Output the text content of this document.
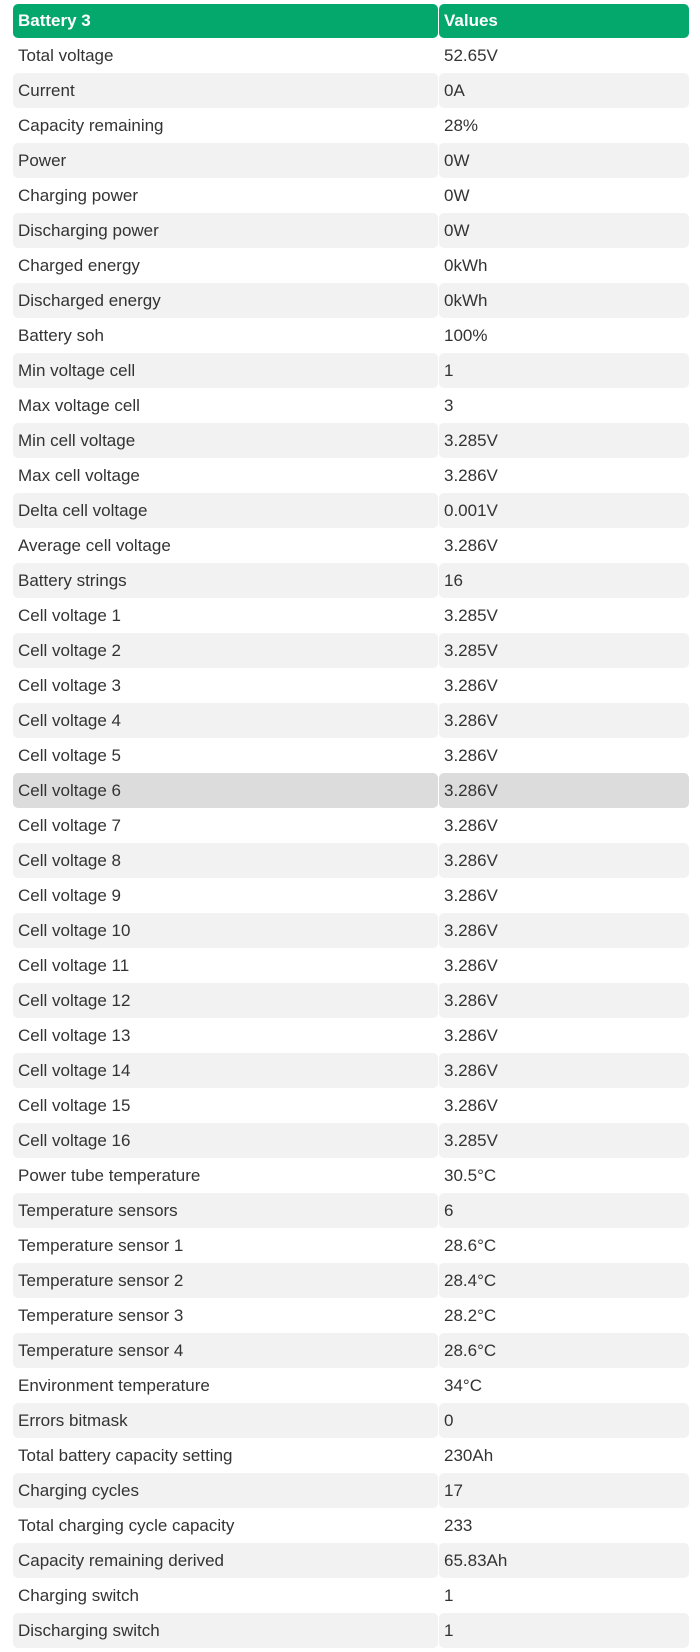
Battery 3	Values
Total voltage	52.65V
Current	0A
Capacity remaining	28%
Power	0W
Charging power	0W
Discharging power	0W
Charged energy	0kWh
Discharged energy	0kWh
Battery soh	100%
Min voltage cell	1
Max voltage cell	3
Min cell voltage	3.285V
Max cell voltage	3.286V
Delta cell voltage	0.001V
Average cell voltage	3.286V
Battery strings	16
Cell voltage 1	3.285V
Cell voltage 2	3.285V
Cell voltage 3	3.286V
Cell voltage 4	3.286V
Cell voltage 5	3.286V
Cell voltage 6	3.286V
Cell voltage 7	3.286V
Cell voltage 8	3.286V
Cell voltage 9	3.286V
Cell voltage 10	3.286V
Cell voltage 11	3.286V
Cell voltage 12	3.286V
Cell voltage 13	3.286V
Cell voltage 14	3.286V
Cell voltage 15	3.286V
Cell voltage 16	3.285V
Power tube temperature	30.5°C
Temperature sensors	6
Temperature sensor 1	28.6°C
Temperature sensor 2	28.4°C
Temperature sensor 3	28.2°C
Temperature sensor 4	28.6°C
Environment temperature	34°C
Errors bitmask	0
Total battery capacity setting	230Ah
Charging cycles	17
Total charging cycle capacity	233
Capacity remaining derived	65.83Ah
Charging switch	1
Discharging switch	1
